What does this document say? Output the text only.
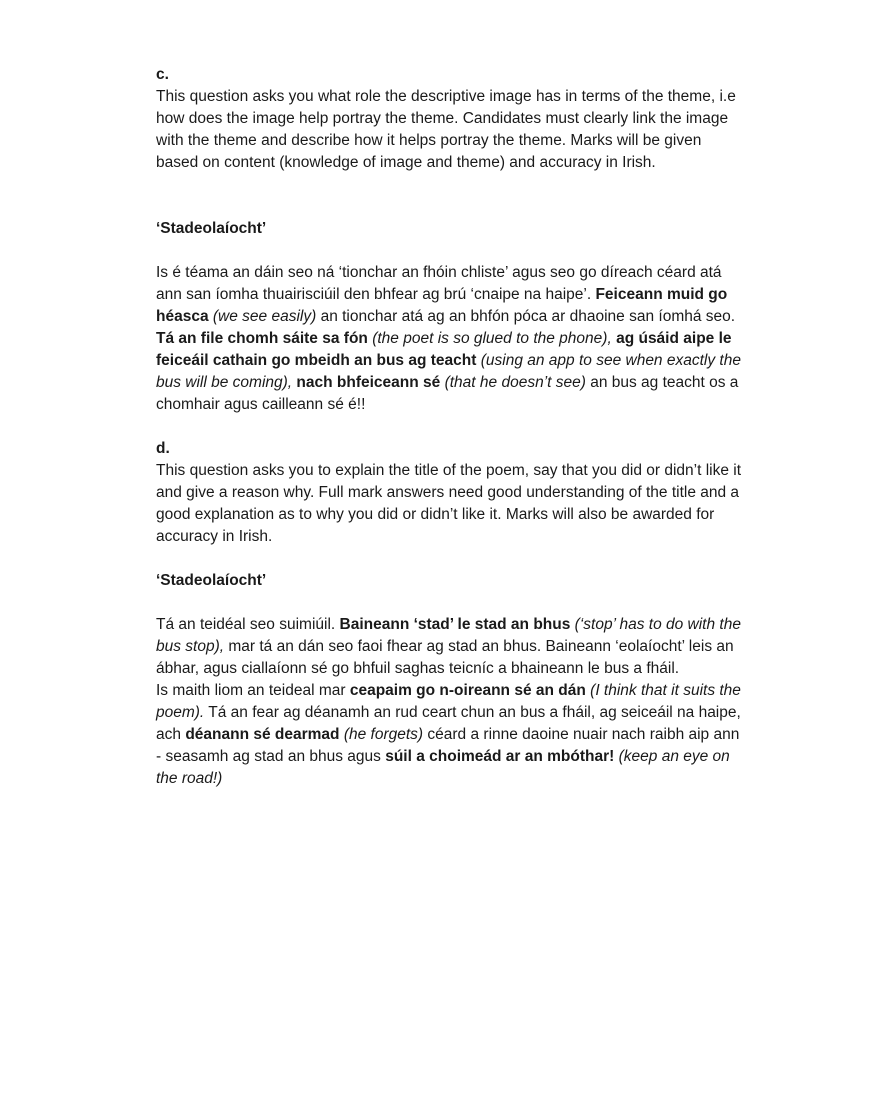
c.

This question asks you what role the descriptive image has in terms of the theme, i.e how does the image help portray the theme. Candidates must clearly link the image with the theme and describe how it helps portray the theme. Marks will be given based on content (knowledge of image and theme) and accuracy in Irish.

‘Stadeolaíocht’

Is é téama an dáin seo ná ‘tionchar an fhóin chliste’ agus seo go díreach céard atá ann san íomha thuairisciúil den bhfear ag brú ‘cnaipe na haipe’. Feiceann muid go héasca (we see easily) an tionchar atá ag an bhfón póca ar dhaoine san íomhá seo. Tá an file chomh sáite sa fón (the poet is so glued to the phone), ag úsáid aipe le feiceáil cathain go mbeidh an bus ag teacht (using an app to see when exactly the bus will be coming), nach bhfeiceann sé (that he doesn’t see) an bus ag teacht os a chomhair agus cailleann sé é!!

d.

This question asks you to explain the title of the poem, say that you did or didn’t like it and give a reason why. Full mark answers need good understanding of the title and a good explanation as to why you did or didn’t like it. Marks will also be awarded for accuracy in Irish.

‘Stadeolaíocht’

Tá an teidéal seo suimiúil. Baineann ‘stad’ le stad an bhus (‘stop’ has to do with the bus stop), mar tá an dán seo faoi fhear ag stad an bhus. Baineann ‘eolaíocht’ leis an ábhar, agus ciallaíonn sé go bhfuil saghas teicníc a bhaineann le bus a fháil.

Is maith liom an teideal mar ceapaim go n-oireann sé an dán (I think that it suits the poem). Tá an fear ag déanamh an rud ceart chun an bus a fháil, ag seiceáil na haipe, ach déanann sé dearmad (he forgets) céard a rinne daoine nuair nach raibh aip ann - seasamh ag stad an bhus agus súil a choimeád ar an mbóthar! (keep an eye on the road!)
